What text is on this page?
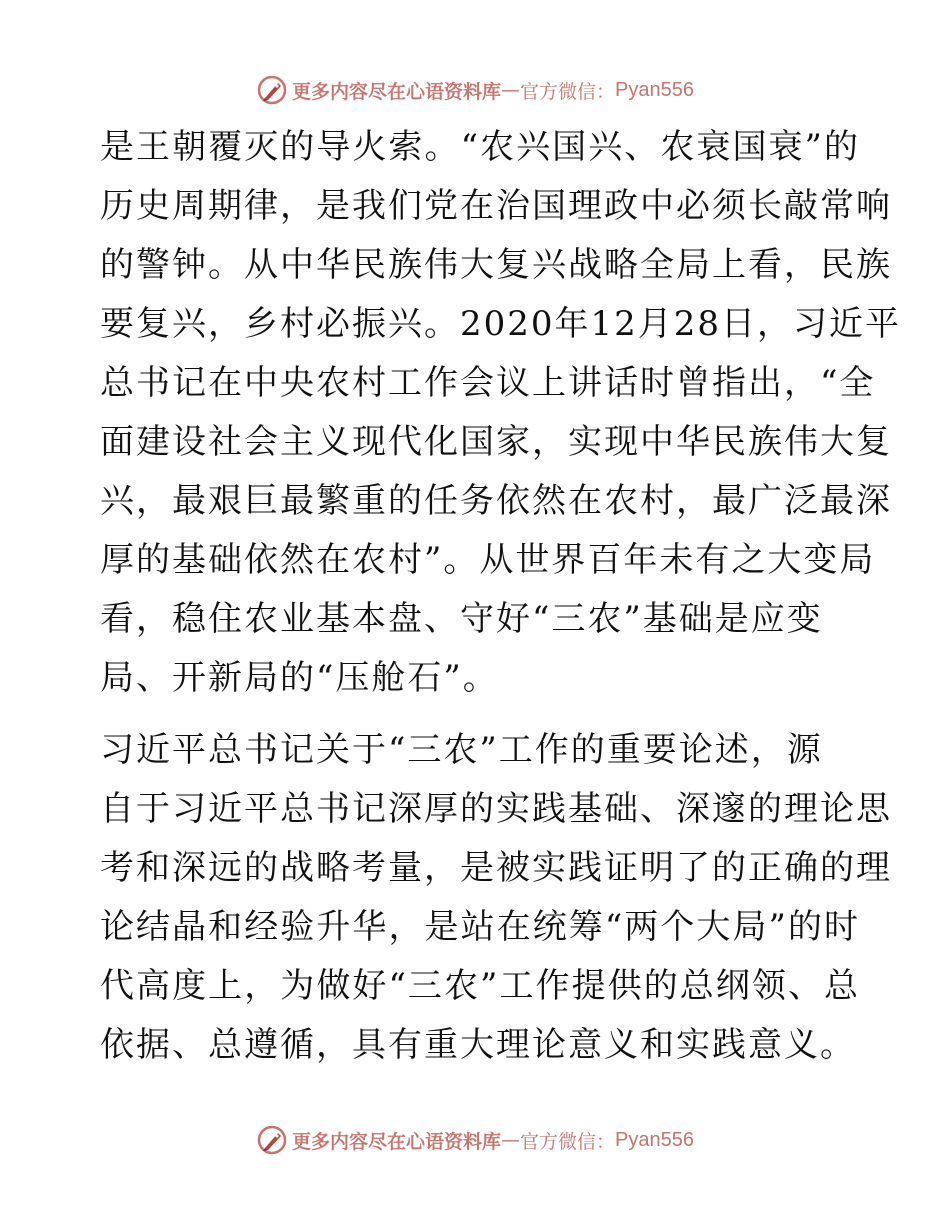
更多内容尽在心语资料库 — 官方微信： Pyan556
是王朝覆灭的导火索。“农兴国兴、农衰国衰”的
历史周期律，是我们党在治国理政中必须长敲常响
的警钟。从中华民族伟大复兴战略全局上看，民族
要复兴，乡村必振兴。2020年12月28日，习近平
总书记在中央农村工作会议上讲话时曾指出，“全
面建设社会主义现代化国家，实现中华民族伟大复
兴，最艰巨最繁重的任务依然在农村，最广泛最深
厚的基础依然在农村”。从世界百年未有之大变局
看，稳住农业基本盘、守好“三农”基础是应变
局、开新局的“压舱石”。
习近平总书记关于“三农”工作的重要论述，源
自于习近平总书记深厚的实践基础、深邃的理论思
考和深远的战略考量，是被实践证明了的正确的理
论结晶和经验升华，是站在统筹“两个大局”的时
代高度上，为做好“三农”工作提供的总纲领、总
依据、总遵循，具有重大理论意义和实践意义。
更多内容尽在心语资料库 — 官方微信： Pyan556
